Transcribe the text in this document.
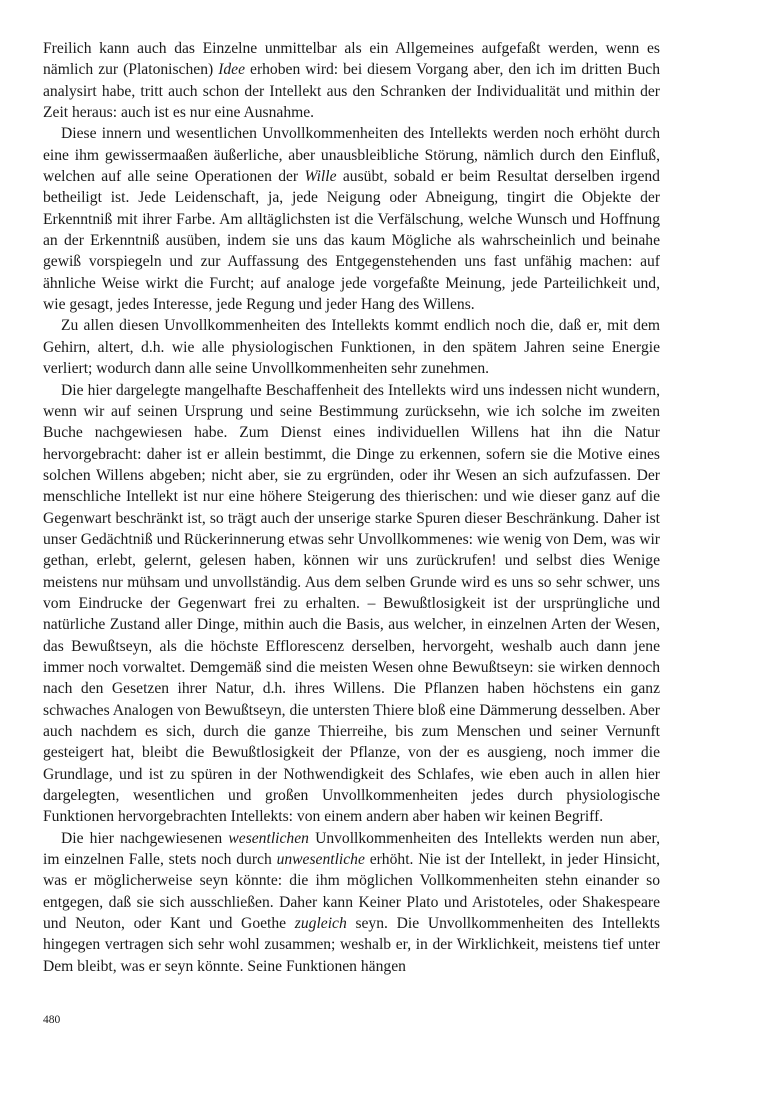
Freilich kann auch das Einzelne unmittelbar als ein Allgemeines aufgefaßt werden, wenn es nämlich zur (Platonischen) Idee erhoben wird: bei diesem Vorgang aber, den ich im dritten Buch analysirt habe, tritt auch schon der Intellekt aus den Schranken der Individualität und mithin der Zeit heraus: auch ist es nur eine Ausnahme.

Diese innern und wesentlichen Unvollkommenheiten des Intellekts werden noch erhöht durch eine ihm gewissermaaßen äußerliche, aber unausbleibliche Störung, nämlich durch den Einfluß, welchen auf alle seine Operationen der Wille ausübt, sobald er beim Resultat derselben irgend betheiligt ist. Jede Leidenschaft, ja, jede Neigung oder Abneigung, tingirt die Objekte der Erkenntniß mit ihrer Farbe. Am alltäglichsten ist die Verfälschung, welche Wunsch und Hoffnung an der Erkenntniß ausüben, indem sie uns das kaum Mögliche als wahrscheinlich und beinahe gewiß vorspiegeln und zur Auffassung des Entgegenstehenden uns fast unfähig machen: auf ähnliche Weise wirkt die Furcht; auf analoge jede vorgefaßte Meinung, jede Parteilichkeit und, wie gesagt, jedes Interesse, jede Regung und jeder Hang des Willens.

Zu allen diesen Unvollkommenheiten des Intellekts kommt endlich noch die, daß er, mit dem Gehirn, altert, d.h. wie alle physiologischen Funktionen, in den spätem Jahren seine Energie verliert; wodurch dann alle seine Unvollkommenheiten sehr zunehmen.

Die hier dargelegte mangelhafte Beschaffenheit des Intellekts wird uns indessen nicht wundern, wenn wir auf seinen Ursprung und seine Bestimmung zurücksehn, wie ich solche im zweiten Buche nachgewiesen habe. Zum Dienst eines individuellen Willens hat ihn die Natur hervorgebracht: daher ist er allein bestimmt, die Dinge zu erkennen, sofern sie die Motive eines solchen Willens abgeben; nicht aber, sie zu ergründen, oder ihr Wesen an sich aufzufassen. Der menschliche Intellekt ist nur eine höhere Steigerung des thierischen: und wie dieser ganz auf die Gegenwart beschränkt ist, so trägt auch der unserige starke Spuren dieser Beschränkung. Daher ist unser Gedächtniß und Rückerinnerung etwas sehr Unvollkommenes: wie wenig von Dem, was wir gethan, erlebt, gelernt, gelesen haben, können wir uns zurückrufen! und selbst dies Wenige meistens nur mühsam und unvollständig. Aus dem selben Grunde wird es uns so sehr schwer, uns vom Eindrucke der Gegenwart frei zu erhalten. – Bewußtlosigkeit ist der ursprüngliche und natürliche Zustand aller Dinge, mithin auch die Basis, aus welcher, in einzelnen Arten der Wesen, das Bewußtseyn, als die höchste Efflorescenz derselben, hervorgeht, weshalb auch dann jene immer noch vorwaltet. Demgemäß sind die meisten Wesen ohne Bewußtseyn: sie wirken dennoch nach den Gesetzen ihrer Natur, d.h. ihres Willens. Die Pflanzen haben höchstens ein ganz schwaches Analogen von Bewußtseyn, die untersten Thiere bloß eine Dämmerung desselben. Aber auch nachdem es sich, durch die ganze Thierreihe, bis zum Menschen und seiner Vernunft gesteigert hat, bleibt die Bewußtlosigkeit der Pflanze, von der es ausgieng, noch immer die Grundlage, und ist zu spüren in der Nothwendigkeit des Schlafes, wie eben auch in allen hier dargelegten, wesentlichen und großen Unvollkommenheiten jedes durch physiologische Funktionen hervorgebrachten Intellekts: von einem andern aber haben wir keinen Begriff.

Die hier nachgewiesenen wesentlichen Unvollkommenheiten des Intellekts werden nun aber, im einzelnen Falle, stets noch durch unwesentliche erhöht. Nie ist der Intellekt, in jeder Hinsicht, was er möglicherweise seyn könnte: die ihm möglichen Vollkommenheiten stehn einander so entgegen, daß sie sich ausschließen. Daher kann Keiner Plato und Aristoteles, oder Shakespeare und Neuton, oder Kant und Goethe zugleich seyn. Die Unvollkommenheiten des Intellekts hingegen vertragen sich sehr wohl zusammen; weshalb er, in der Wirklichkeit, meistens tief unter Dem bleibt, was er seyn könnte. Seine Funktionen hängen

480
